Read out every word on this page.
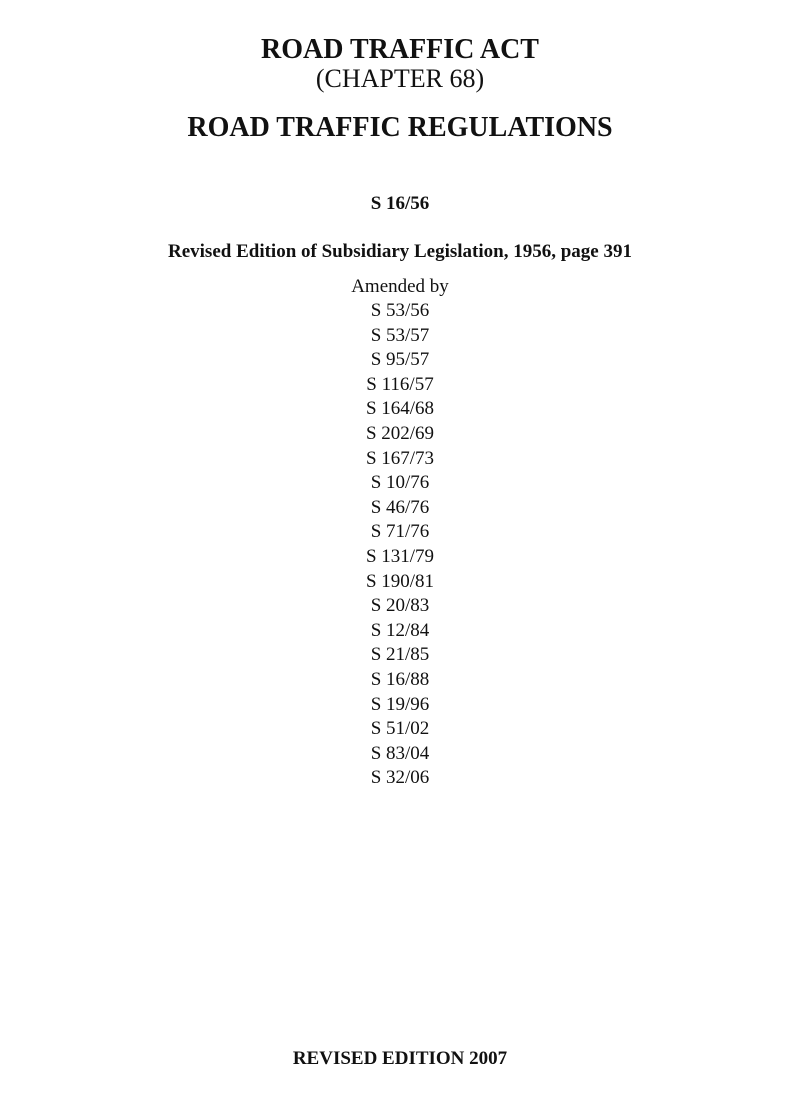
ROAD TRAFFIC ACT
(CHAPTER 68)
ROAD TRAFFIC REGULATIONS
S 16/56
Revised Edition of Subsidiary Legislation, 1956, page 391
Amended by
S 53/56
S 53/57
S 95/57
S 116/57
S 164/68
S 202/69
S 167/73
S 10/76
S 46/76
S 71/76
S 131/79
S 190/81
S 20/83
S 12/84
S 21/85
S 16/88
S 19/96
S 51/02
S 83/04
S 32/06
REVISED EDITION 2007
